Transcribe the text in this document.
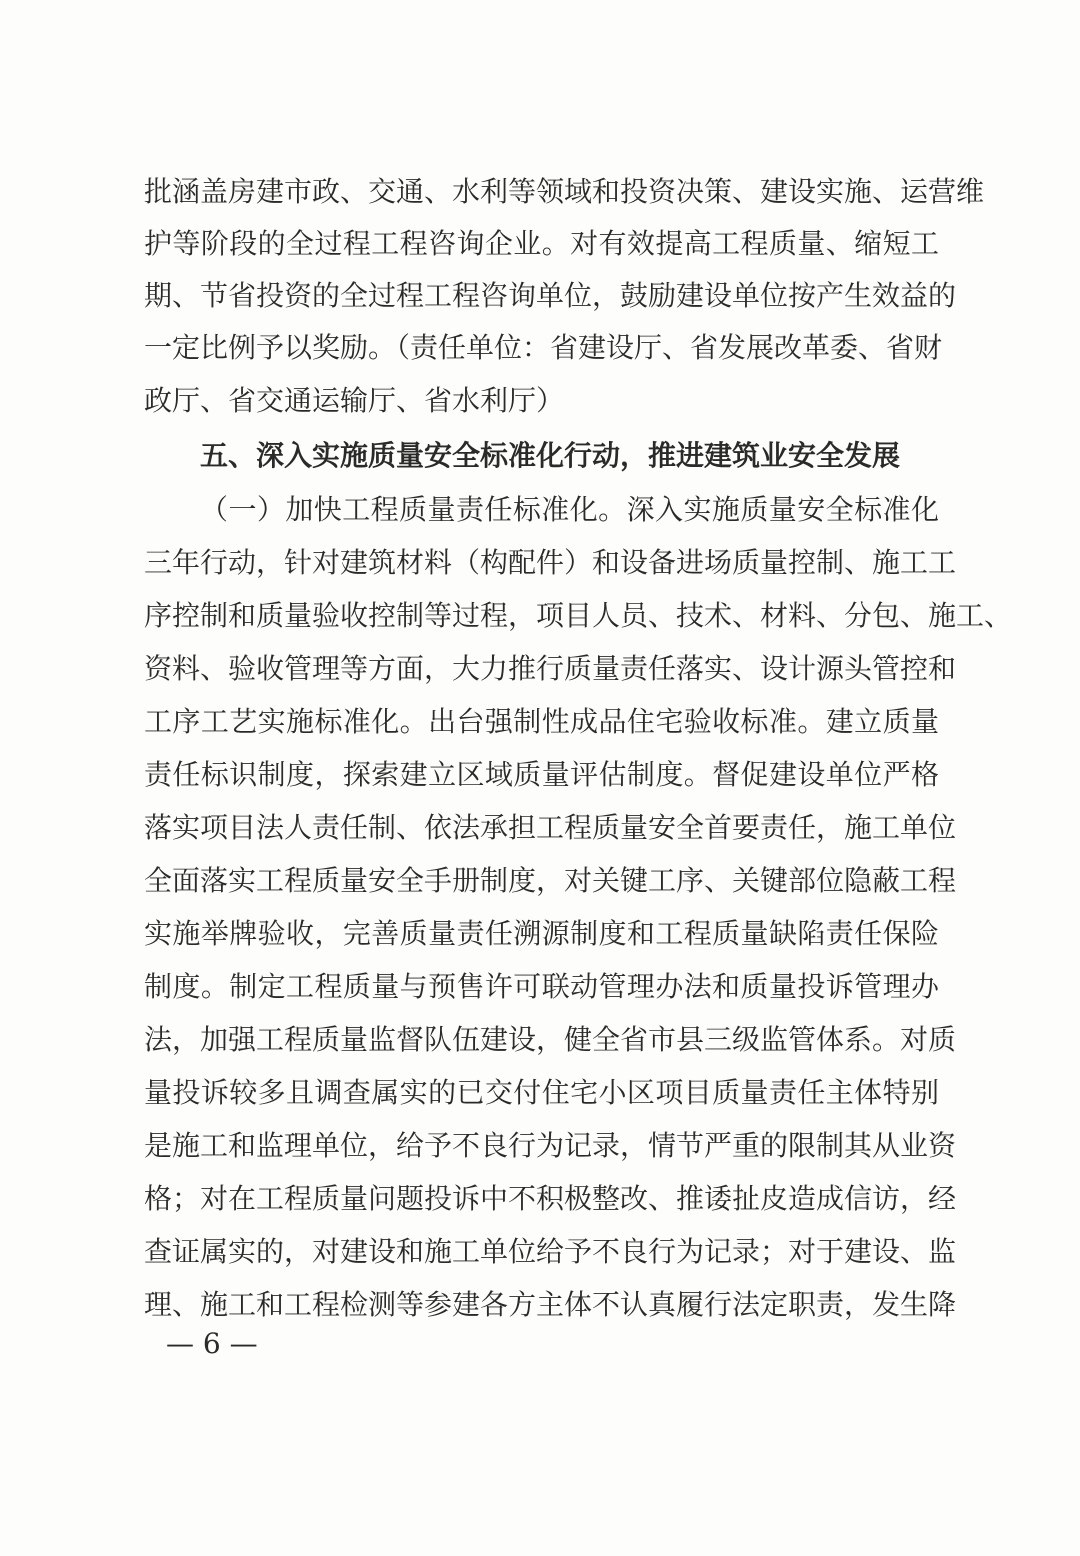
批涵盖房建市政、交通、水利等领域和投资决策、建设实施、运营维
护等阶段的全过程工程咨询企业。对有效提高工程质量、缩短工
期、节省投资的全过程工程咨询单位，鼓励建设单位按产生效益的
一定比例予以奖励。（责任单位：省建设厅、省发展改革委、省财
政厅、省交通运输厅、省水利厅）
五、深入实施质量安全标准化行动，推进建筑业安全发展
（一）加快工程质量责任标准化。深入实施质量安全标准化
三年行动，针对建筑材料（构配件）和设备进场质量控制、施工工
序控制和质量验收控制等过程，项目人员、技术、材料、分包、施工、
资料、验收管理等方面，大力推行质量责任落实、设计源头管控和
工序工艺实施标准化。出台强制性成品住宅验收标准。建立质量
责任标识制度，探索建立区域质量评估制度。督促建设单位严格
落实项目法人责任制、依法承担工程质量安全首要责任，施工单位
全面落实工程质量安全手册制度，对关键工序、关键部位隐蔽工程
实施举牌验收，完善质量责任溯源制度和工程质量缺陷责任保险
制度。制定工程质量与预售许可联动管理办法和质量投诉管理办
法，加强工程质量监督队伍建设，健全省市县三级监管体系。对质
量投诉较多且调查属实的已交付住宅小区项目质量责任主体特别
是施工和监理单位，给予不良行为记录，情节严重的限制其从业资
格；对在工程质量问题投诉中不积极整改、推诿扯皮造成信访，经
查证属实的，对建设和施工单位给予不良行为记录；对于建设、监
理、施工和工程检测等参建各方主体不认真履行法定职责，发生降
— 6 —
